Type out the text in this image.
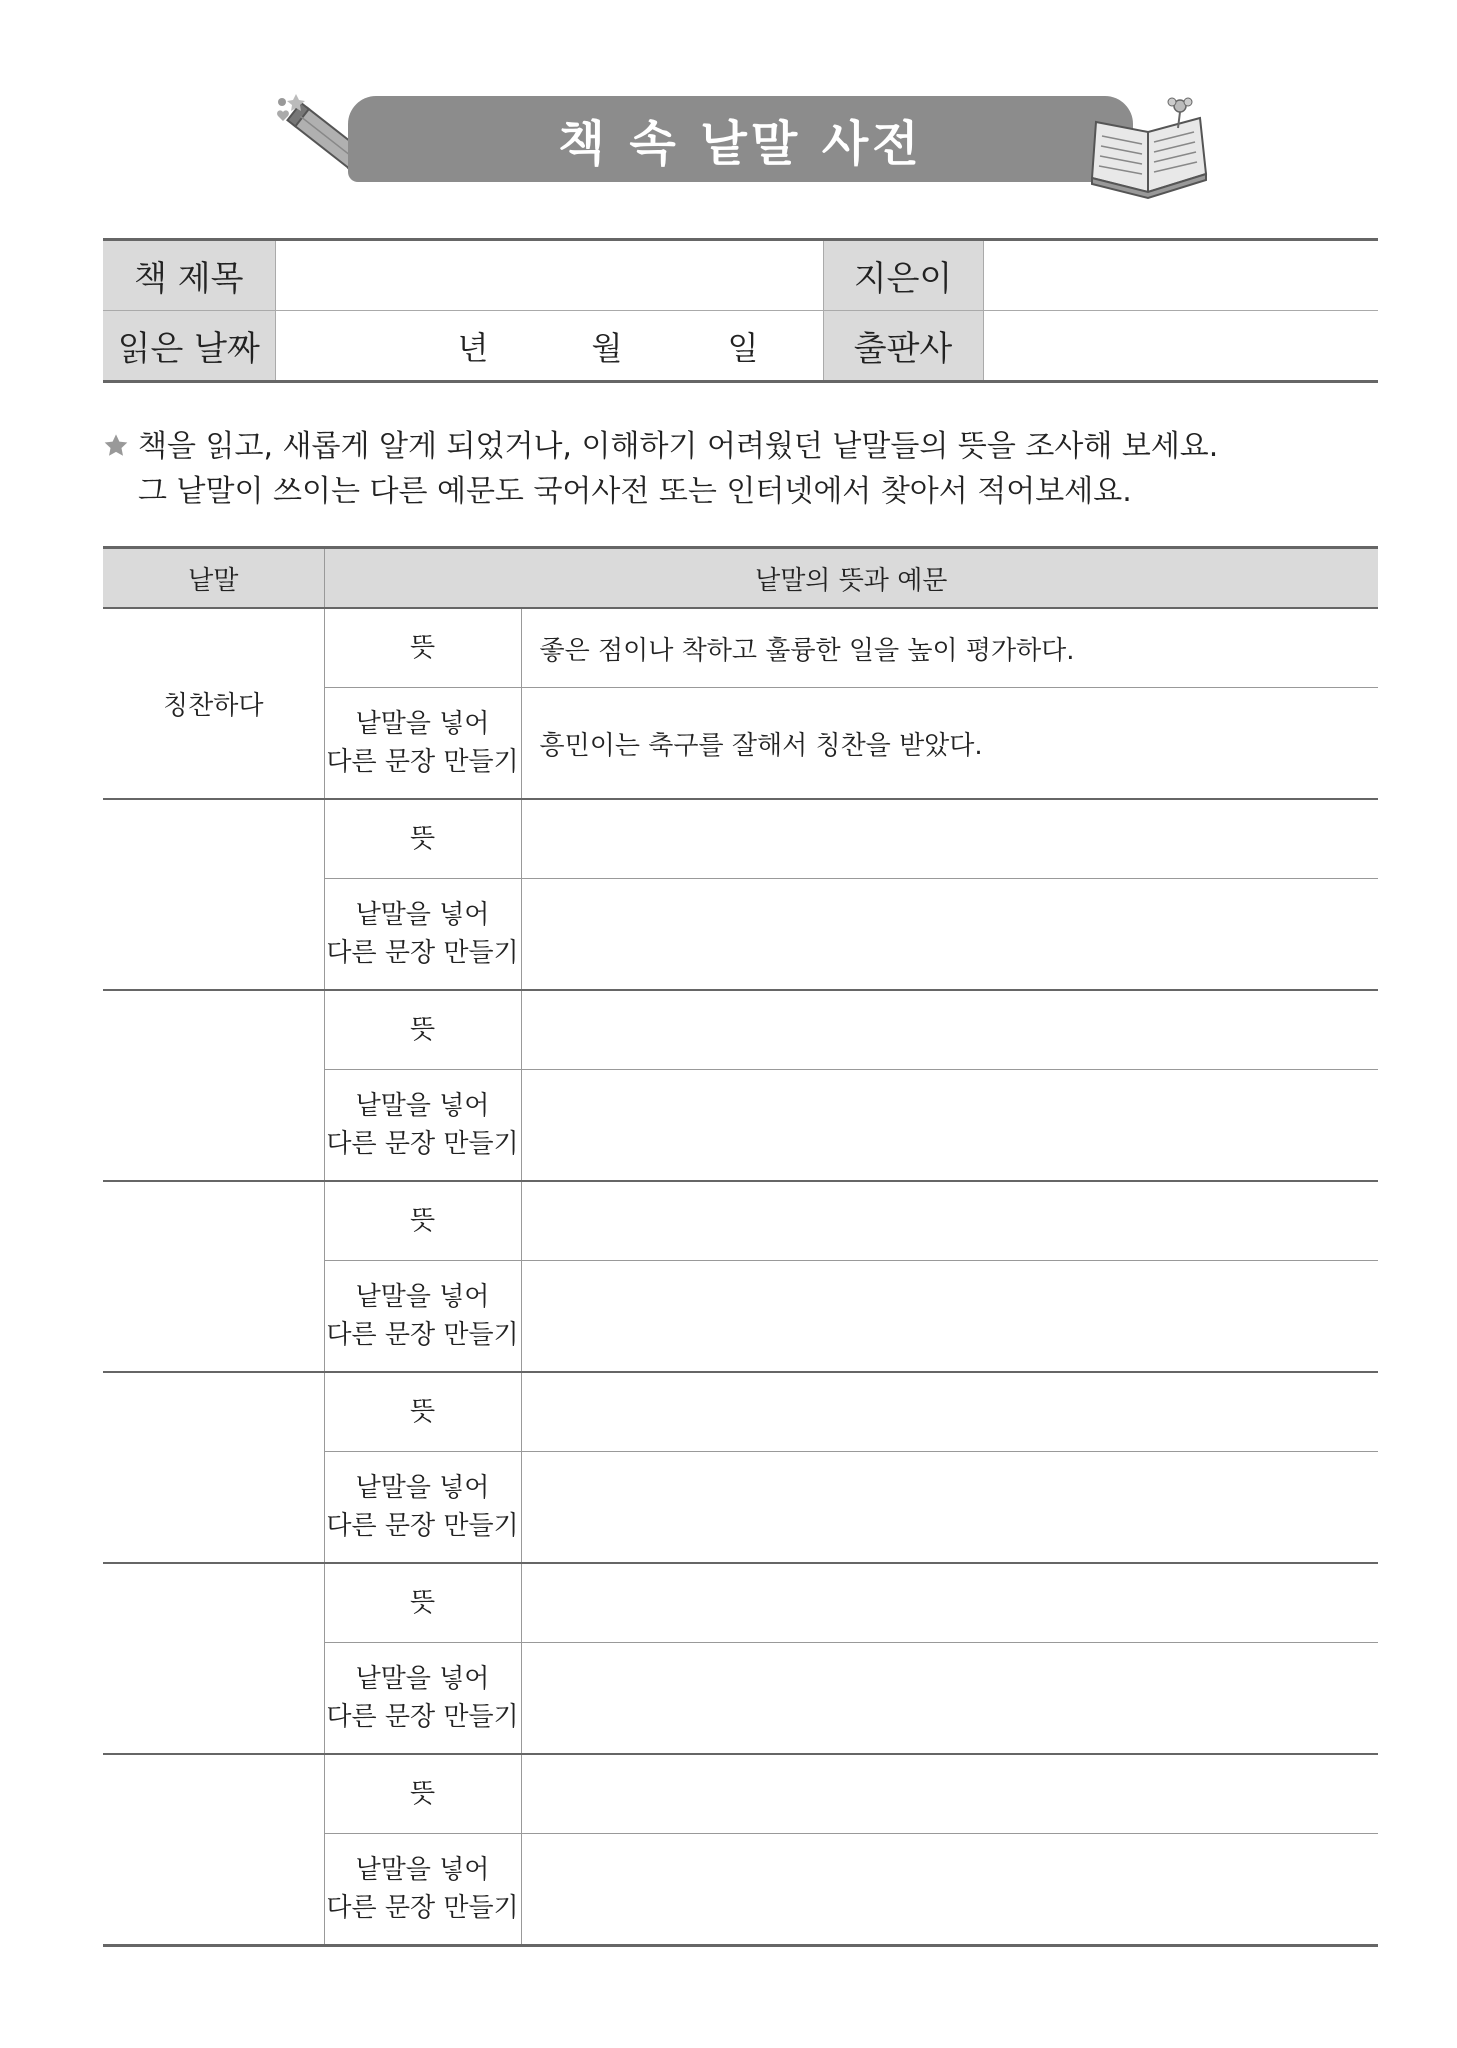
책 속 낱말 사전
책 제목		지은이	
읽은 날짜	년 월 일	출판사	
책을 읽고, 새롭게 알게 되었거나, 이해하기 어려웠던 낱말들의 뜻을 조사해 보세요.
그 낱말이 쓰이는 다른 예문도 국어사전 또는 인터넷에서 찾아서 적어보세요.
낱말	낱말의 뜻과 예문	
칭찬하다	뜻	좋은 점이나 착하고 훌륭한 일을 높이 평가하다.

	낱말을 넣어
다른 문장 만들기	흥민이는 축구를 잘해서 칭찬을 받았다.
	뜻	

	낱말을 넣어
다른 문장 만들기	

	뜻	

	낱말을 넣어
다른 문장 만들기	

	뜻	

	낱말을 넣어
다른 문장 만들기	

	뜻	

	낱말을 넣어
다른 문장 만들기	

	뜻	

	낱말을 넣어
다른 문장 만들기	

	뜻	

	낱말을 넣어
다른 문장 만들기	
